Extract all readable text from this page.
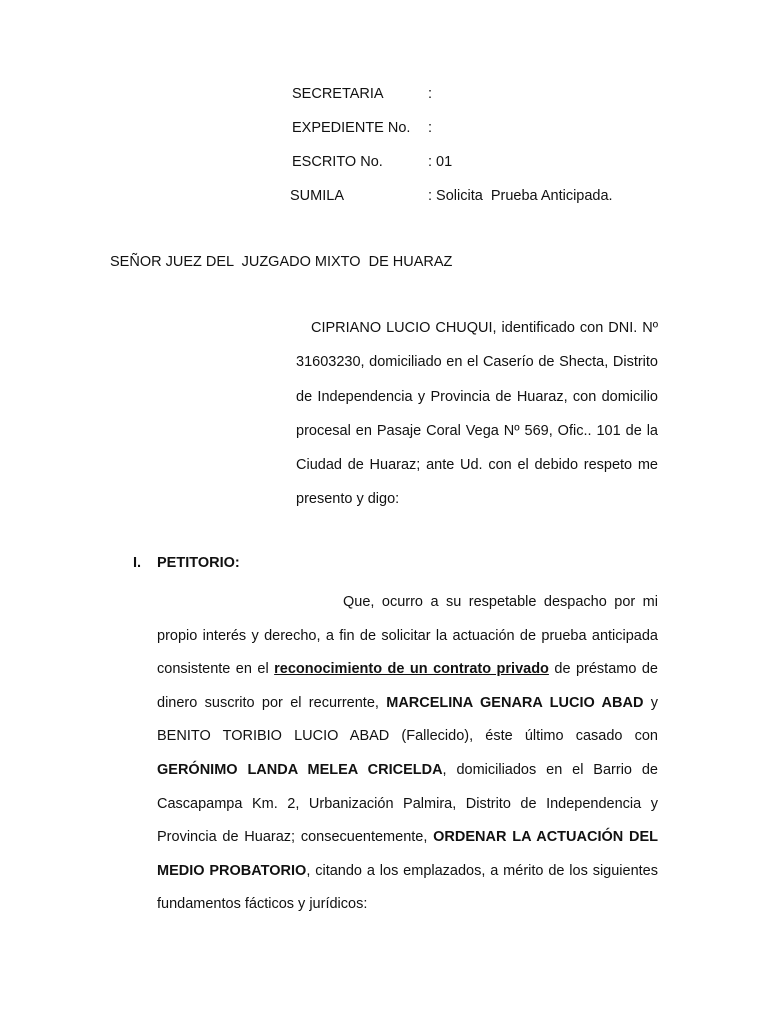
SECRETARIA	:
EXPEDIENTE No. :
ESCRITO No.	: 01
SUMILA	: Solicita  Prueba Anticipada.
SEÑOR JUEZ DEL  JUZGADO MIXTO  DE HUARAZ

CIPRIANO LUCIO CHUQUI, identificado con DNI. Nº 31603230, domiciliado en el Caserío de Shecta, Distrito de Independencia y Provincia de Huaraz, con domicilio procesal en Pasaje Coral Vega Nº 569, Ofic.. 101 de la Ciudad de Huaraz; ante Ud. con el debido respeto me presento y digo:

I. PETITORIO:

Que, ocurro a su respetable despacho por mi propio interés y derecho, a fin de solicitar la actuación de prueba anticipada consistente en el reconocimiento de un contrato privado de préstamo de dinero suscrito por el recurrente, MARCELINA GENARA LUCIO ABAD y BENITO TORIBIO LUCIO ABAD (Fallecido), éste último casado con GERÓNIMO LANDA MELEA CRICELDA, domiciliados en el Barrio de Cascapampa Km. 2, Urbanización Palmira, Distrito de Independencia y Provincia de Huaraz; consecuentemente, ORDENAR LA ACTUACIÓN DEL MEDIO PROBATORIO, citando a los emplazados, a mérito de los siguientes fundamentos fácticos y jurídicos:
